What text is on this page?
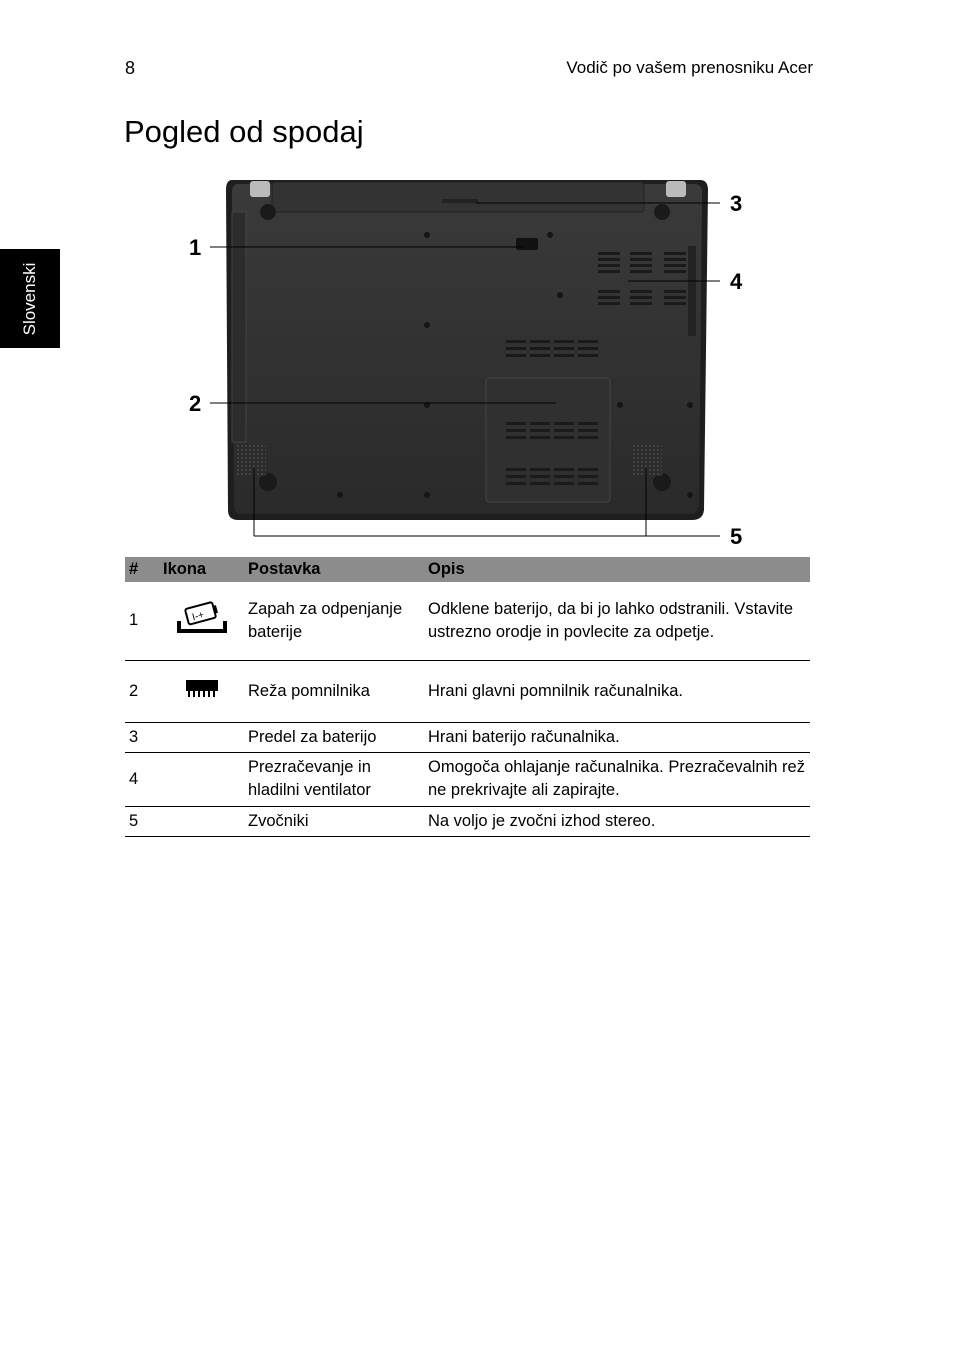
8	Vodič po vašem prenosniku Acer
Slovenski
Pogled od spodaj
1
2
3
4
5
#	Ikona	Postavka	Opis
1	I-+	Zapah za odpenjanje baterije	Odklene baterijo, da bi jo lahko odstranili. Vstavite ustrezno orodje in povlecite za odpetje.
2		Reža pomnilnika	Hrani glavni pomnilnik računalnika.
3		Predel za baterijo	Hrani baterijo računalnika.
4		Prezračevanje in hladilni ventilator	Omogoča ohlajanje računalnika. Prezračevalnih rež ne prekrivajte ali zapirajte.
5		Zvočniki	Na voljo je zvočni izhod stereo.
